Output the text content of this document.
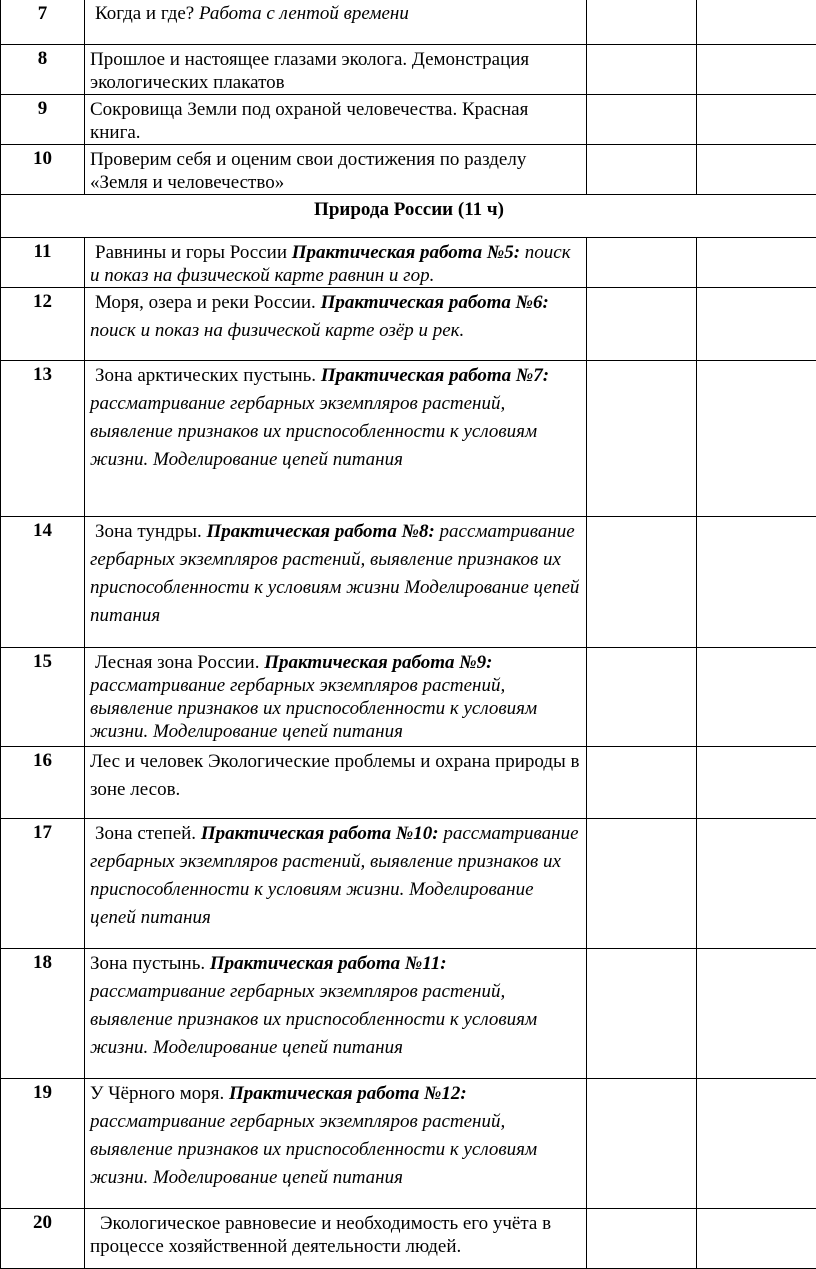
7	Когда и где? Работа с лентой времени		
8	Прошлое и настоящее глазами эколога. Демонстрация экологических плакатов		
9	Сокровища Земли под охраной человечества. Красная книга.		
10	Проверим себя и оценим свои достижения по разделу «Земля и человечество»		
Природа России (11 ч)			
11	Равнины и горы России Практическая работа №5: поиск и показ на физической карте равнин и гор.		
12	Моря, озера и реки России. Практическая работа №6: поиск и показ на физической карте озёр и рек.		
13	Зона арктических пустынь. Практическая работа №7: рассматривание гербарных экземпляров растений, выявление признаков их приспособленности к условиям жизни. Моделирование цепей питания		
14	Зона тундры. Практическая работа №8: рассматривание гербарных экземпляров растений, выявление признаков их приспособленности к условиям жизни Моделирование цепей питания		
15	Лесная зона России. Практическая работа №9: рассматривание гербарных экземпляров растений, выявление признаков их приспособленности к условиям жизни. Моделирование цепей питания		
16	Лес и человек Экологические проблемы и охрана природы в зоне лесов.		
17	Зона степей. Практическая работа №10: рассматривание гербарных экземпляров растений, выявление признаков их приспособленности к условиям жизни. Моделирование цепей питания		
18	Зона пустынь. Практическая работа №11: рассматривание гербарных экземпляров растений, выявление признаков их приспособленности к условиям жизни. Моделирование цепей питания		
19	У Чёрного моря. Практическая работа №12: рассматривание гербарных экземпляров растений, выявление признаков их приспособленности к условиям жизни. Моделирование цепей питания		
20	Экологическое равновесие и необходимость его учёта в процессе хозяйственной деятельности людей.		
